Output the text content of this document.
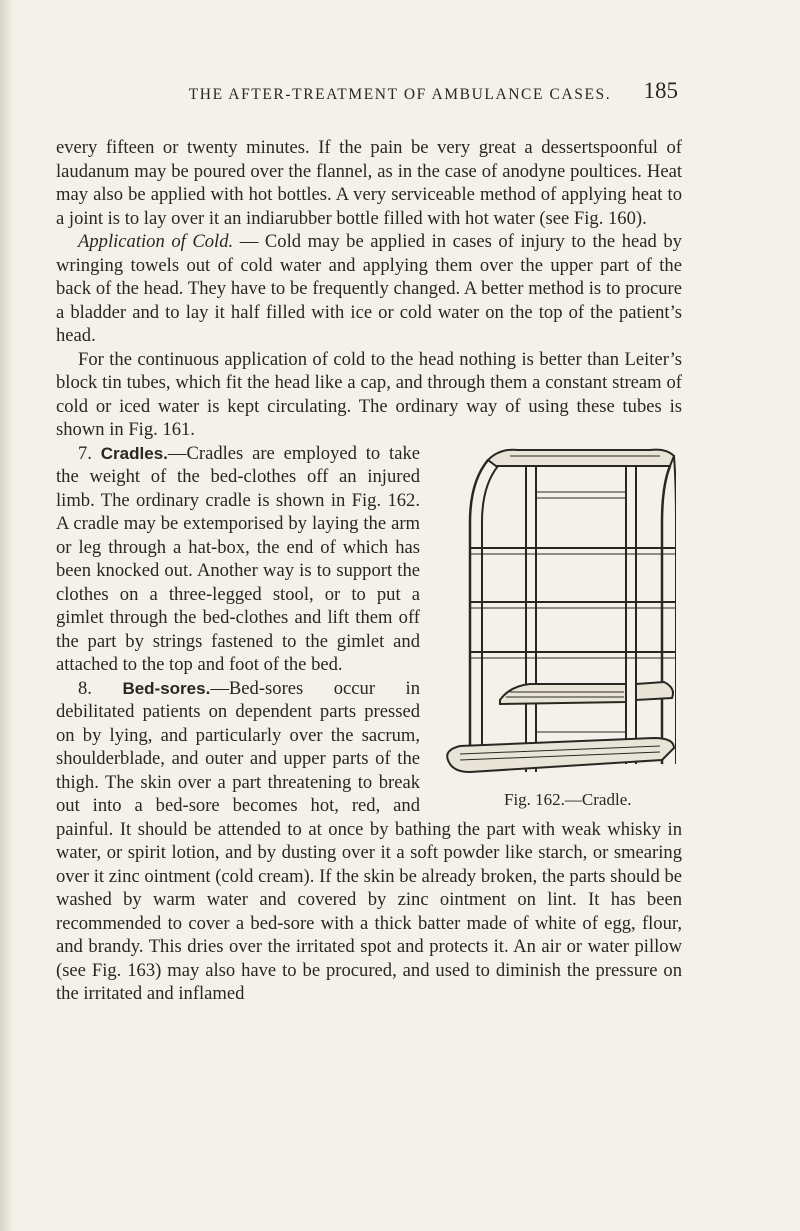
THE AFTER-TREATMENT OF AMBULANCE CASES.	185

every fifteen or twenty minutes. If the pain be very great a dessertspoonful of laudanum may be poured over the flannel, as in the case of anodyne poultices. Heat may also be applied with hot bottles. A very serviceable method of applying heat to a joint is to lay over it an indiarubber bottle filled with hot water (see Fig. 160).

Application of Cold. — Cold may be applied in cases of injury to the head by wringing towels out of cold water and applying them over the upper part of the back of the head. They have to be frequently changed. A better method is to procure a bladder and to lay it half filled with ice or cold water on the top of the patient’s head.

For the continuous application of cold to the head nothing is better than Leiter’s block tin tubes, which fit the head like a cap, and through them a constant stream of cold or iced water is kept circulating. The ordinary way of using these tubes is shown in Fig. 161.

7. Cradles.
Fig. 162.—Cradle.
—Cradles are employed to take the weight of the bed-clothes off an injured limb. The ordinary cradle is shown in Fig. 162. A cradle may be extemporised by laying the arm or leg through a hat-box, the end of which has been knocked out. Another way is to support the clothes on a three-legged stool, or to put a gimlet through the bed-clothes and lift them off the part by strings fastened to the gimlet and attached to the top and foot of the bed.

8. Bed-sores.—Bed-sores occur in debilitated patients on dependent parts pressed on by lying, and particularly over the sacrum, shoulderblade, and outer and upper parts of the thigh. The skin over a part threatening to break out into a bed-sore becomes hot, red, and painful. It should be attended to at once by bathing the part with weak whisky in water, or spirit lotion, and by dusting over it a soft powder like starch, or smearing over it zinc ointment (cold cream). If the skin be already broken, the parts should be washed by warm water and covered by zinc ointment on lint. It has been recommended to cover a bed-sore with a thick batter made of white of egg, flour, and brandy. This dries over the irritated spot and protects it. An air or water pillow (see Fig. 163) may also have to be procured, and used to diminish the pressure on the irritated and inflamed
